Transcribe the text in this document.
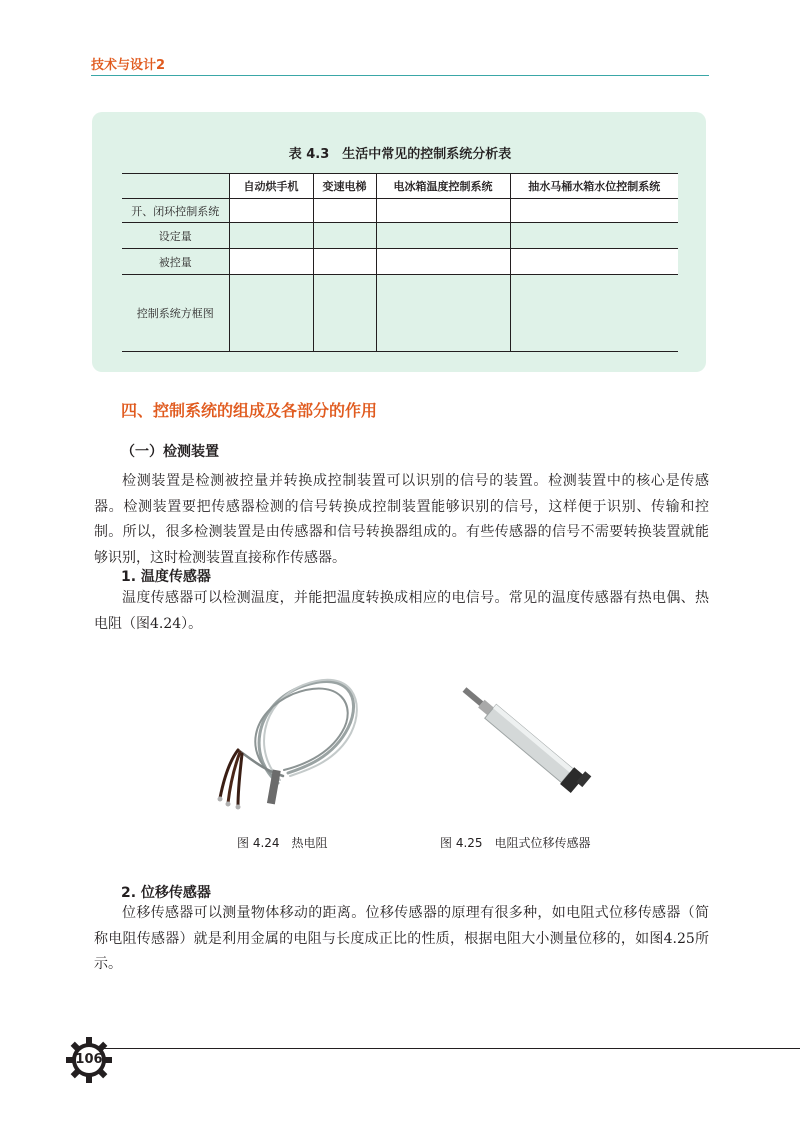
技术与设计2
表 4.3　生活中常见的控制系统分析表
	自动烘手机	变速电梯	电冰箱温度控制系统	抽水马桶水箱水位控制系统
开、闭环控制系统				
设定量				
被控量				
控制系统方框图				
四、控制系统的组成及各部分的作用
（一）检测装置

检测装置是检测被控量并转换成控制装置可以识别的信号的装置。检测装置中的核心是传感器。检测装置要把传感器检测的信号转换成控制装置能够识别的信号，这样便于识别、传输和控制。所以，很多检测装置是由传感器和信号转换器组成的。有些传感器的信号不需要转换装置就能够识别，这时检测装置直接称作传感器。

1. 温度传感器

温度传感器可以检测温度，并能把温度转换成相应的电信号。常见的温度传感器有热电偶、热电阻（图4.24）。

图 4.24 热电阻	图 4.25 电阻式位移传感器
2. 位移传感器

位移传感器可以测量物体移动的距离。位移传感器的原理有很多种，如电阻式位移传感器（简称电阻传感器）就是利用金属的电阻与长度成正比的性质，根据电阻大小测量位移的，如图4.25所示。

106
